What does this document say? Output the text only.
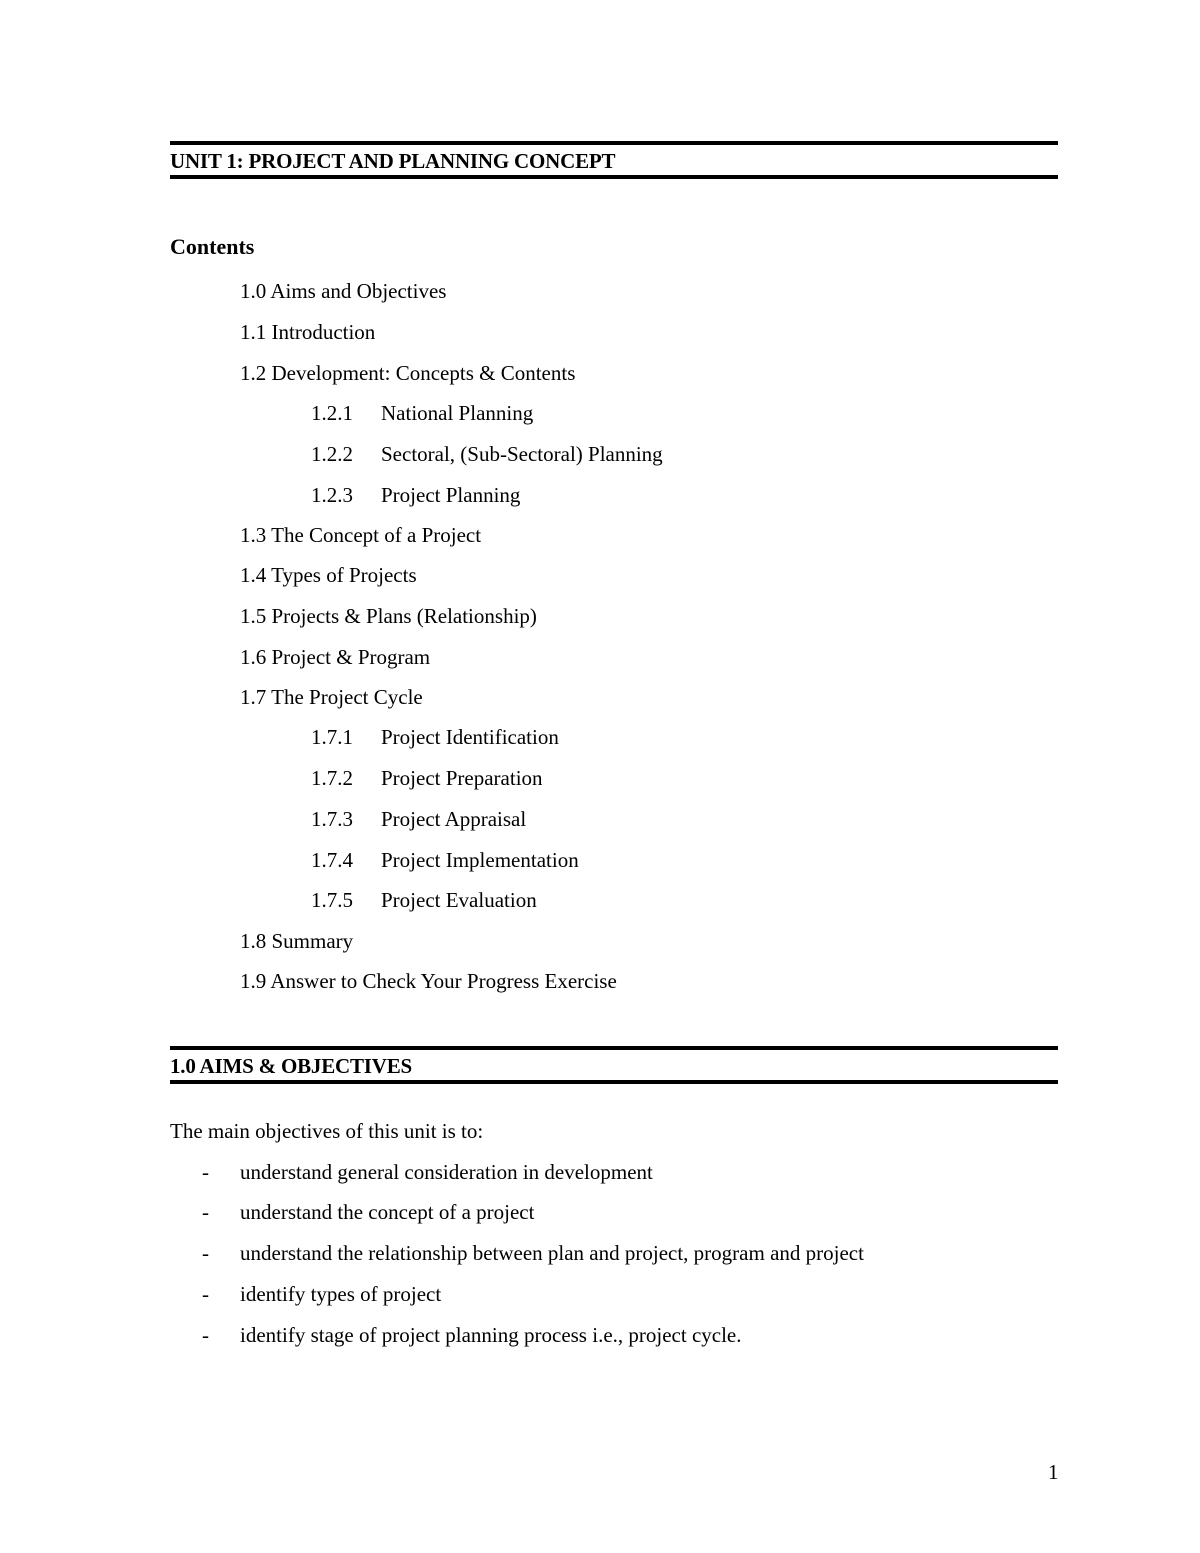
UNIT 1: PROJECT AND PLANNING CONCEPT
Contents
1.0 Aims and Objectives
1.1 Introduction
1.2 Development: Concepts & Contents
1.2.1 National Planning
1.2.2 Sectoral, (Sub-Sectoral) Planning
1.2.3 Project Planning
1.3 The Concept of a Project
1.4 Types of Projects
1.5 Projects & Plans (Relationship)
1.6 Project & Program
1.7 The Project Cycle
1.7.1 Project Identification
1.7.2 Project Preparation
1.7.3 Project Appraisal
1.7.4 Project Implementation
1.7.5 Project Evaluation
1.8 Summary
1.9 Answer to Check Your Progress Exercise
1.0 AIMS & OBJECTIVES
The main objectives of this unit is to:
- understand general consideration in development
- understand the concept of a project
- understand the relationship between plan and project, program and project
- identify types of project
- identify stage of project planning process i.e., project cycle.
1
